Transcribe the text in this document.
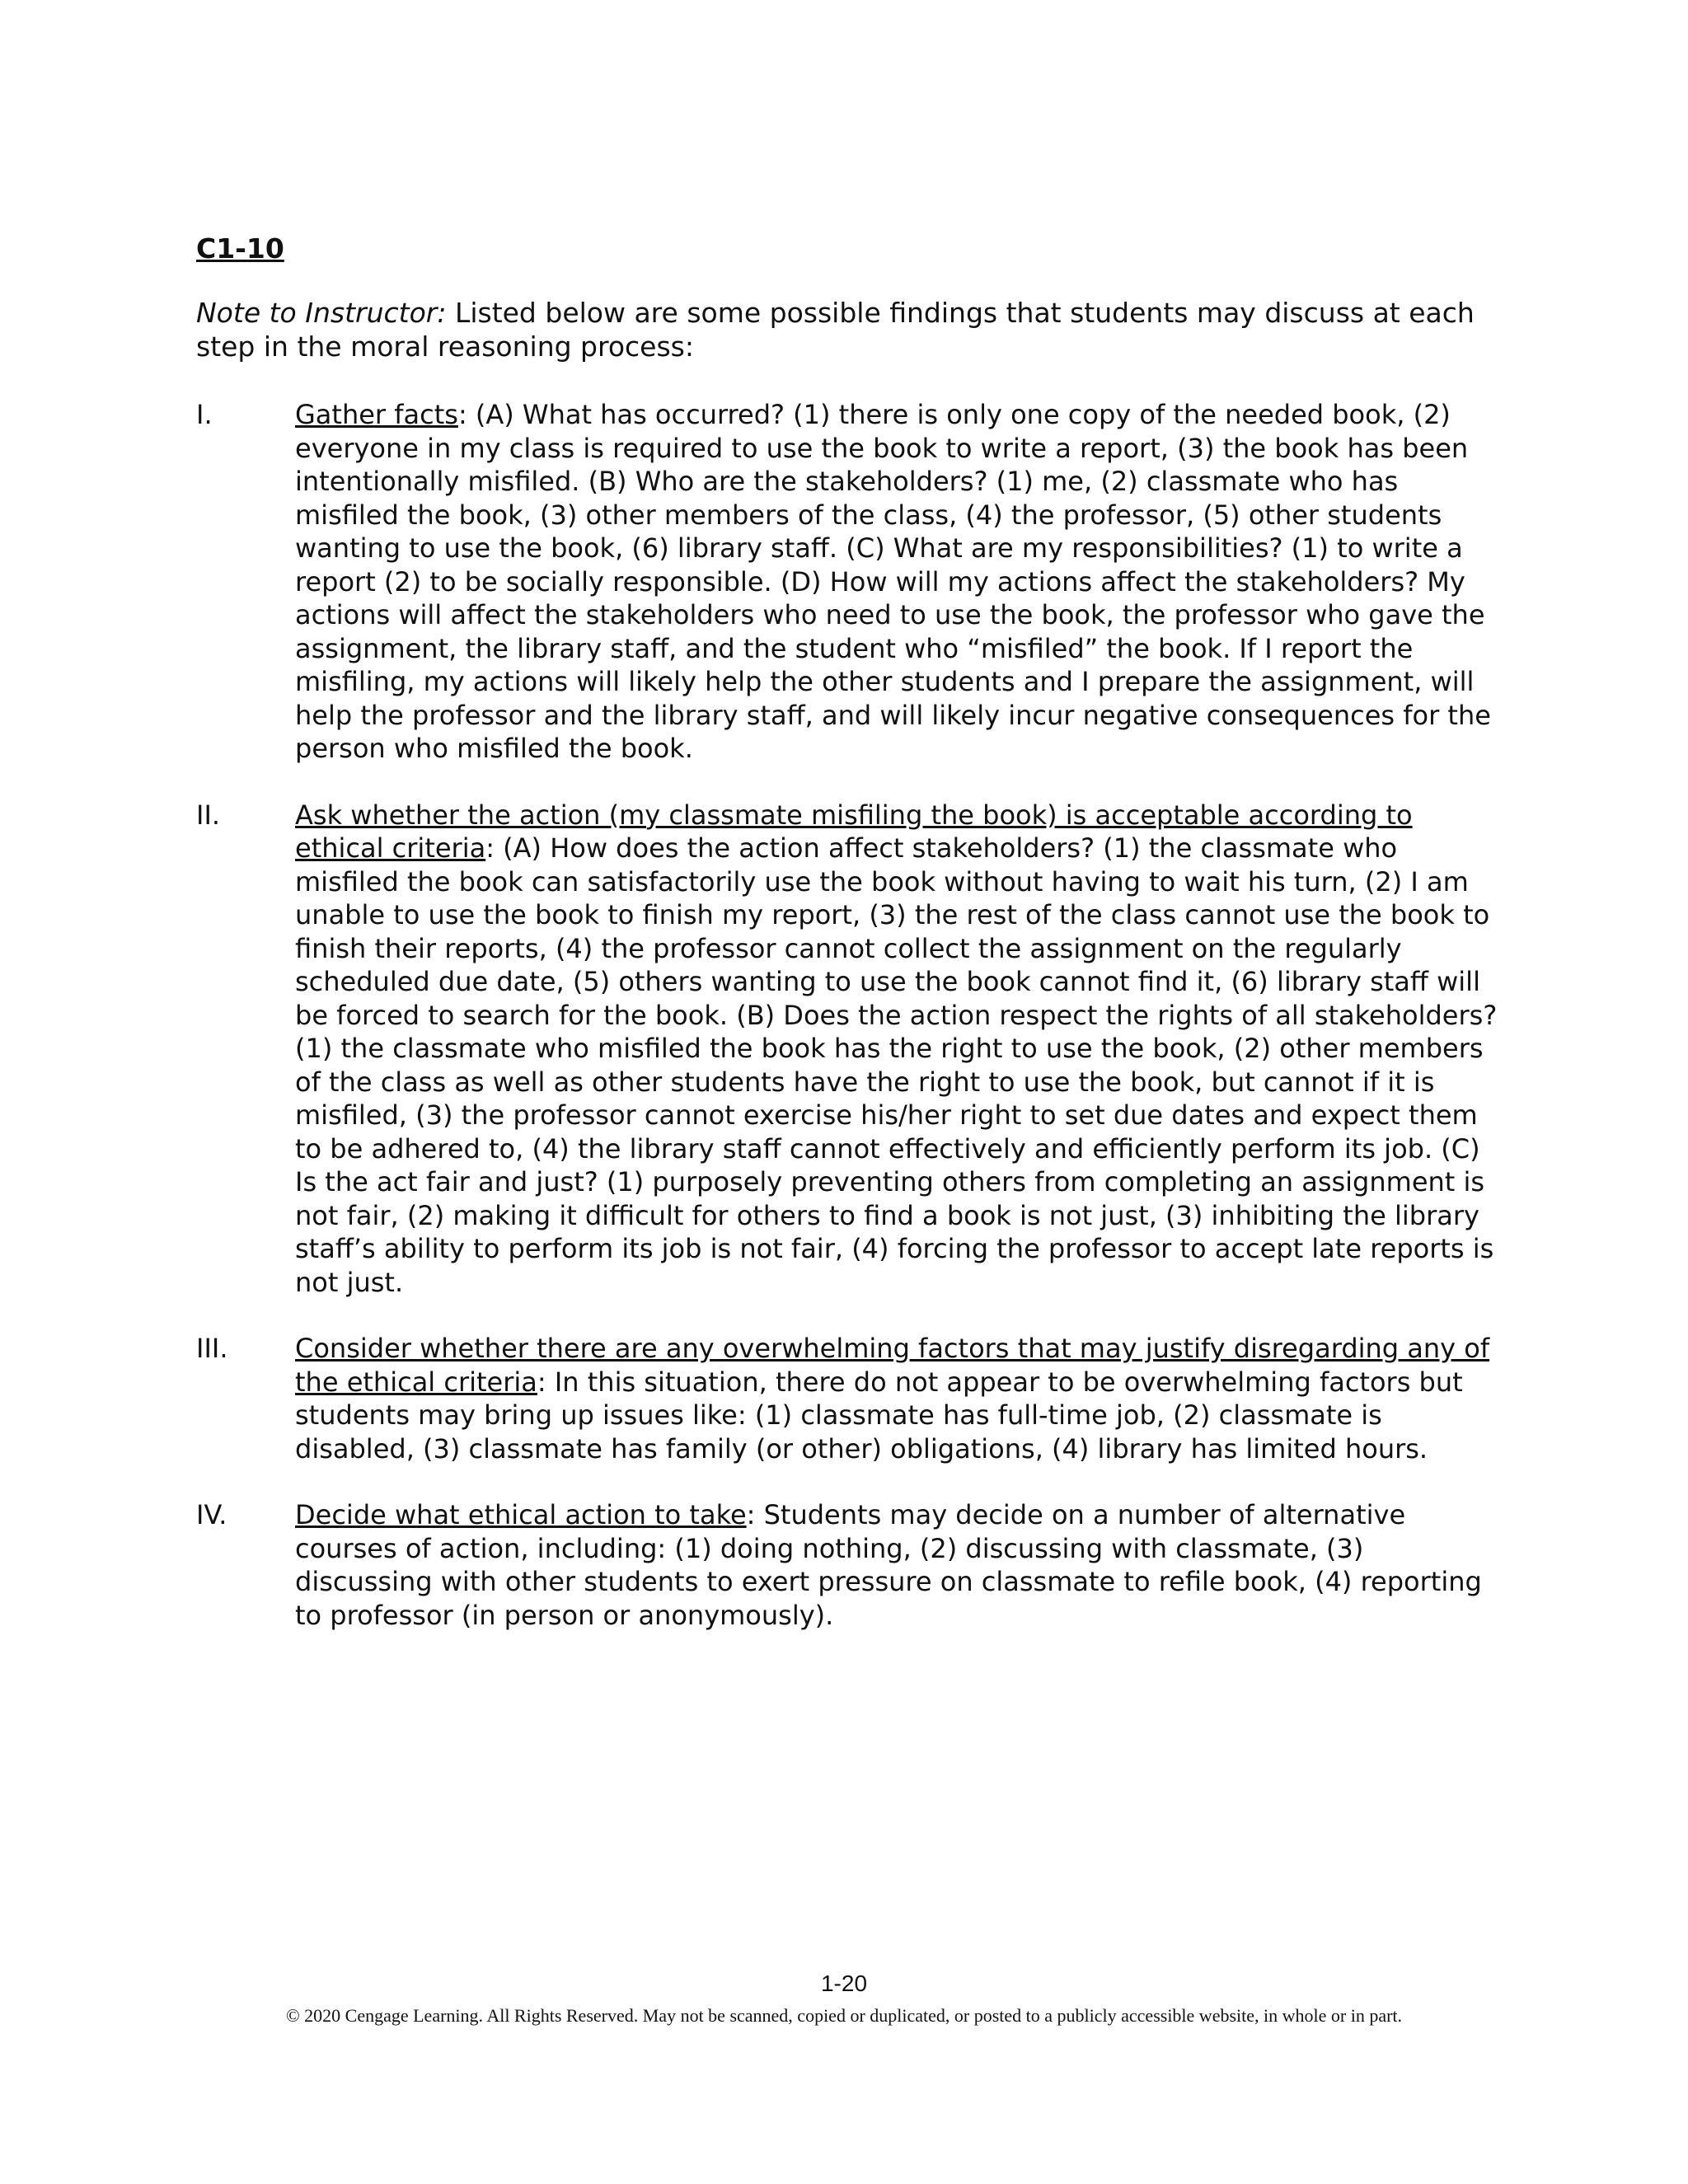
C1-10

Note to Instructor: Listed below are some possible findings that students may discuss at each step in the moral reasoning process:

I.	Gather facts: (A) What has occurred? (1) there is only one copy of the needed book, (2) everyone in my class is required to use the book to write a report, (3) the book has been intentionally misfiled. (B) Who are the stakeholders? (1) me, (2) classmate who has misfiled the book, (3) other members of the class, (4) the professor, (5) other students wanting to use the book, (6) library staff. (C) What are my responsibilities? (1) to write a report (2) to be socially responsible. (D) How will my actions affect the stakeholders? My actions will affect the stakeholders who need to use the book, the professor who gave the assignment, the library staff, and the student who “misfiled” the book. If I report the misfiling, my actions will likely help the other students and I prepare the assignment, will help the professor and the library staff, and will likely incur negative consequences for the person who misfiled the book.
II.	Ask whether the action (my classmate misfiling the book) is acceptable according to ethical criteria: (A) How does the action affect stakeholders? (1) the classmate who misfiled the book can satisfactorily use the book without having to wait his turn, (2) I am unable to use the book to finish my report, (3) the rest of the class cannot use the book to finish their reports, (4) the professor cannot collect the assignment on the regularly scheduled due date, (5) others wanting to use the book cannot find it, (6) library staff will be forced to search for the book. (B) Does the action respect the rights of all stakeholders? (1) the classmate who misfiled the book has the right to use the book, (2) other members of the class as well as other students have the right to use the book, but cannot if it is misfiled, (3) the professor cannot exercise his/her right to set due dates and expect them to be adhered to, (4) the library staff cannot effectively and efficiently perform its job. (C) Is the act fair and just? (1) purposely preventing others from completing an assignment is not fair, (2) making it difficult for others to find a book is not just, (3) inhibiting the library staff’s ability to perform its job is not fair, (4) forcing the professor to accept late reports is not just.
III.	Consider whether there are any overwhelming factors that may justify disregarding any of the ethical criteria: In this situation, there do not appear to be overwhelming factors but students may bring up issues like: (1) classmate has full-time job, (2) classmate is disabled, (3) classmate has family (or other) obligations, (4) library has limited hours.
IV.	Decide what ethical action to take: Students may decide on a number of alternative courses of action, including: (1) doing nothing, (2) discussing with classmate, (3) discussing with other students to exert pressure on classmate to refile book, (4) reporting to professor (in person or anonymously).
1-20
© 2020 Cengage Learning. All Rights Reserved. May not be scanned, copied or duplicated, or posted to a publicly accessible website, in whole or in part.
